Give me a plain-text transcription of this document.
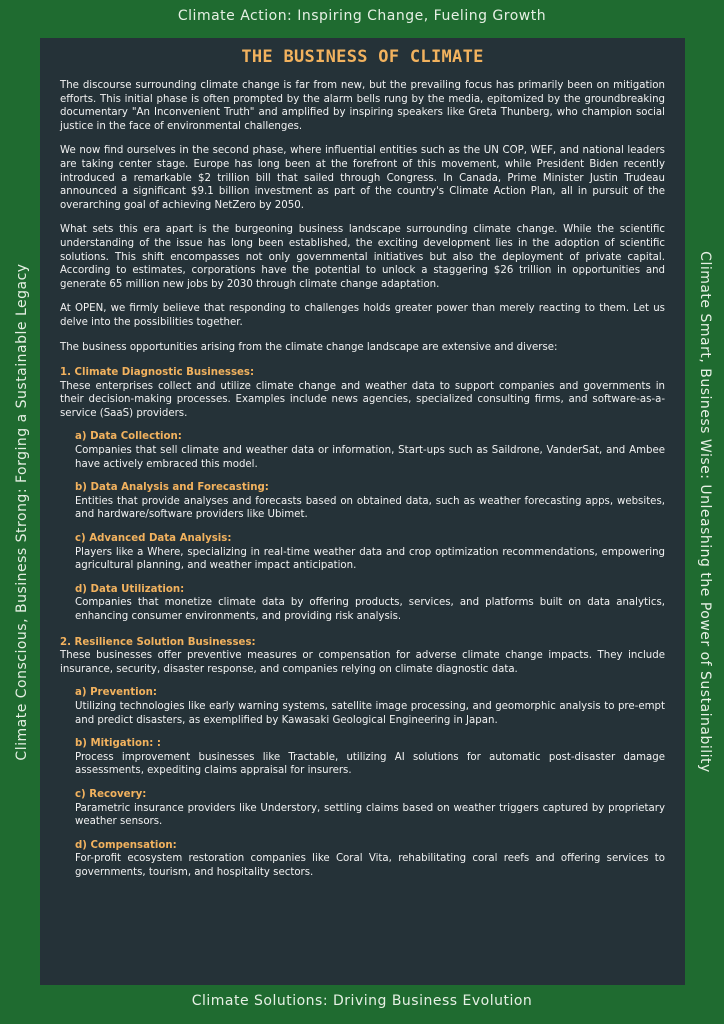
Climate Action: Inspiring Change, Fueling Growth
Climate Conscious, Business Strong: Forging a Sustainable Legacy	Climate Smart, Business Wise: Unleashing the Power of Sustainability
Climate Solutions: Driving Business Evolution
THE BUSINESS OF CLIMATE

The discourse surrounding climate change is far from new, but the prevailing focus has primarily been on mitigation efforts. This initial phase is often prompted by the alarm bells rung by the media, epitomized by the groundbreaking documentary "An Inconvenient Truth" and amplified by inspiring speakers like Greta Thunberg, who champion social justice in the face of environmental challenges.

We now find ourselves in the second phase, where influential entities such as the UN COP, WEF, and national leaders are taking center stage. Europe has long been at the forefront of this movement, while President Biden recently introduced a remarkable $2 trillion bill that sailed through Congress. In Canada, Prime Minister Justin Trudeau announced a significant $9.1 billion investment as part of the country's Climate Action Plan, all in pursuit of the overarching goal of achieving NetZero by 2050.

What sets this era apart is the burgeoning business landscape surrounding climate change. While the scientific understanding of the issue has long been established, the exciting development lies in the adoption of scientific solutions. This shift encompasses not only governmental initiatives but also the deployment of private capital. According to estimates, corporations have the potential to unlock a staggering $26 trillion in opportunities and generate 65 million new jobs by 2030 through climate change adaptation.

At OPEN, we firmly believe that responding to challenges holds greater power than merely reacting to them. Let us delve into the possibilities together.

The business opportunities arising from the climate change landscape are extensive and diverse:

1. Climate Diagnostic Businesses:
These enterprises collect and utilize climate change and weather data to support companies and governments in their decision-making processes. Examples include news agencies, specialized consulting firms, and software-as-a-service (SaaS) providers.
a) Data Collection:
Companies that sell climate and weather data or information, Start-ups such as Saildrone, VanderSat, and Ambee have actively embraced this model.
b) Data Analysis and Forecasting:
Entities that provide analyses and forecasts based on obtained data, such as weather forecasting apps, websites, and hardware/software providers like Ubimet.
c) Advanced Data Analysis:
Players like a Where, specializing in real-time weather data and crop optimization recommendations, empowering agricultural planning, and weather impact anticipation.
d) Data Utilization:
Companies that monetize climate data by offering products, services, and platforms built on data analytics, enhancing consumer environments, and providing risk analysis.
2. Resilience Solution Businesses:
These businesses offer preventive measures or compensation for adverse climate change impacts. They include insurance, security, disaster response, and companies relying on climate diagnostic data.
a) Prevention:
Utilizing technologies like early warning systems, satellite image processing, and geomorphic analysis to pre-empt and predict disasters, as exemplified by Kawasaki Geological Engineering in Japan.
b) Mitigation: :
Process improvement businesses like Tractable, utilizing AI solutions for automatic post-disaster damage assessments, expediting claims appraisal for insurers.
c) Recovery:
Parametric insurance providers like Understory, settling claims based on weather triggers captured by proprietary weather sensors.
d) Compensation:
For-profit ecosystem restoration companies like Coral Vita, rehabilitating coral reefs and offering services to governments, tourism, and hospitality sectors.
